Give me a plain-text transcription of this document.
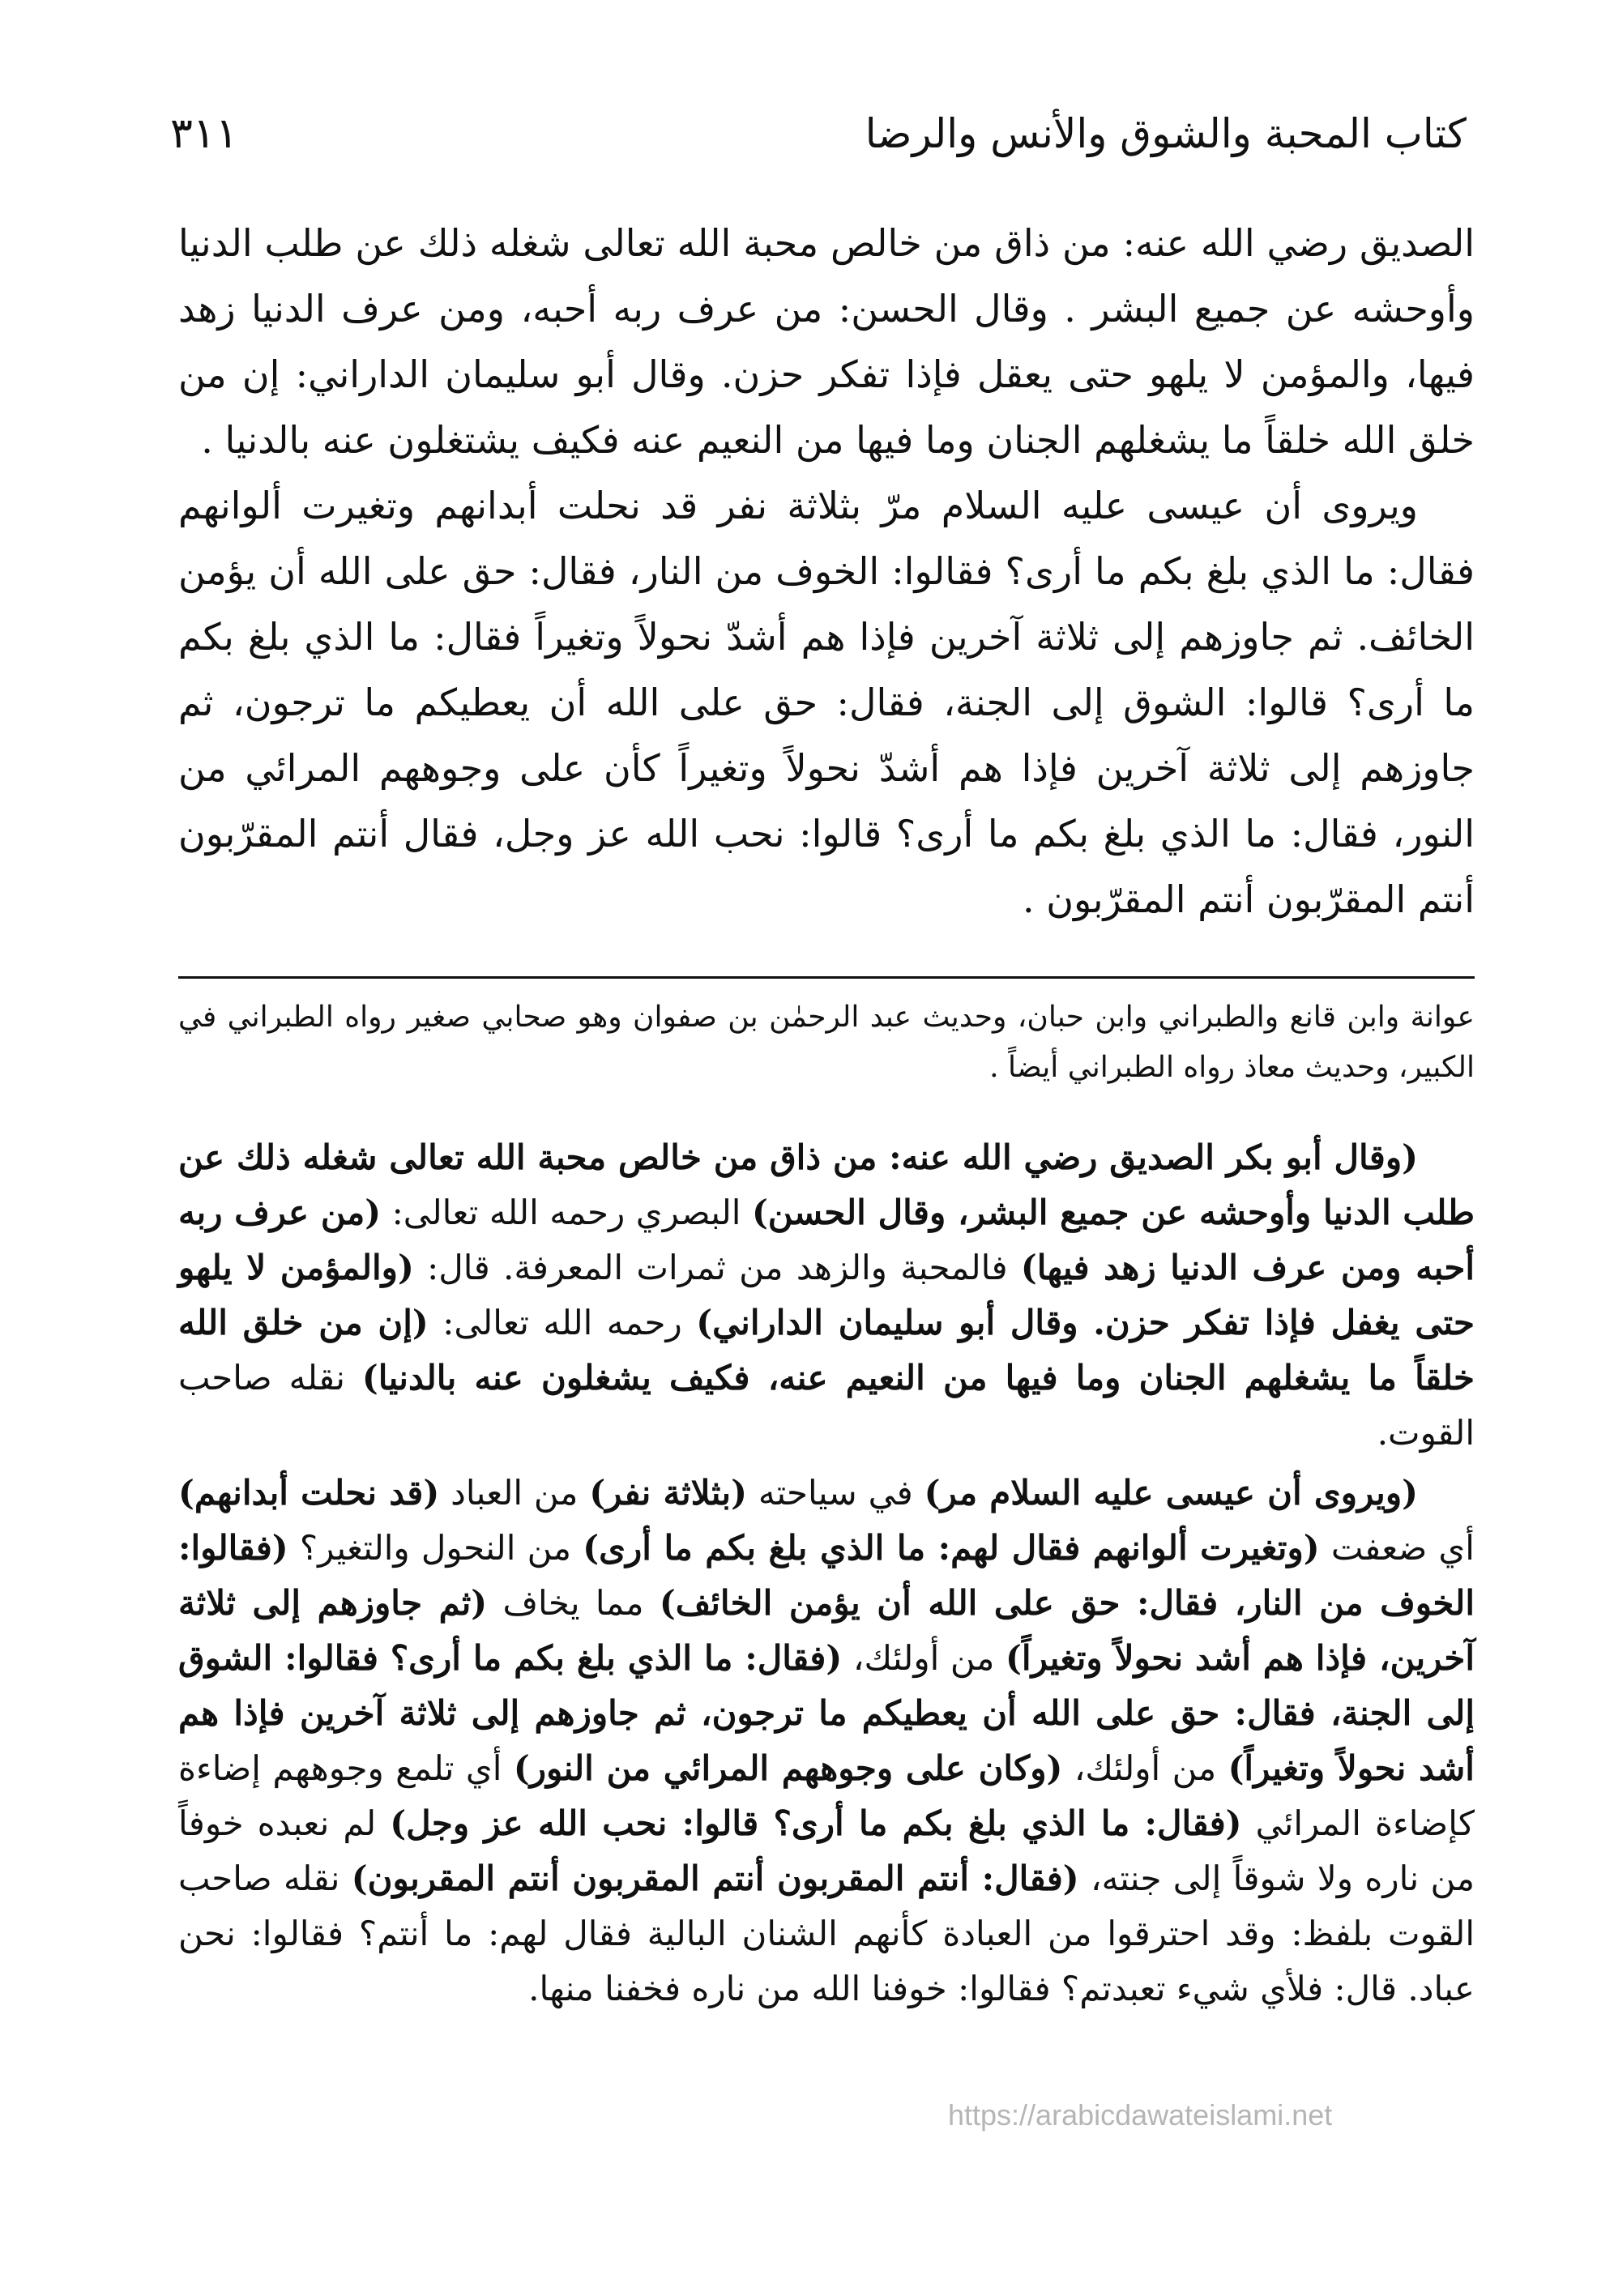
كتاب المحبة والشوق والأنس والرضا
٣١١

الصديق رضي الله عنه: من ذاق من خالص محبة الله تعالى شغله ذلك عن طلب الدنيا وأوحشه عن جميع البشر . وقال الحسن: من عرف ربه أحبه، ومن عرف الدنيا زهد فيها، والمؤمن لا يلهو حتى يعقل فإذا تفكر حزن. وقال أبو سليمان الداراني: إن من خلق الله خلقاً ما يشغلهم الجنان وما فيها من النعيم عنه فكيف يشتغلون عنه بالدنيا .

ويروى أن عيسى عليه السلام مرّ بثلاثة نفر قد نحلت أبدانهم وتغيرت ألوانهم فقال: ما الذي بلغ بكم ما أرى؟ فقالوا: الخوف من النار، فقال: حق على الله أن يؤمن الخائف. ثم جاوزهم إلى ثلاثة آخرين فإذا هم أشدّ نحولاً وتغيراً فقال: ما الذي بلغ بكم ما أرى؟ قالوا: الشوق إلى الجنة، فقال: حق على الله أن يعطيكم ما ترجون، ثم جاوزهم إلى ثلاثة آخرين فإذا هم أشدّ نحولاً وتغيراً كأن على وجوههم المرائي من النور، فقال: ما الذي بلغ بكم ما أرى؟ قالوا: نحب الله عز وجل، فقال أنتم المقرّبون أنتم المقرّبون أنتم المقرّبون .

عوانة وابن قانع والطبراني وابن حبان، وحديث عبد الرحمٰن بن صفوان وهو صحابي صغير رواه الطبراني في الكبير، وحديث معاذ رواه الطبراني أيضاً .

(وقال أبو بكر الصديق رضي الله عنه: من ذاق من خالص محبة الله تعالى شغله ذلك عن طلب الدنيا وأوحشه عن جميع البشر، وقال الحسن) البصري رحمه الله تعالى: (من عرف ربه أحبه ومن عرف الدنيا زهد فيها) فالمحبة والزهد من ثمرات المعرفة. قال: (والمؤمن لا يلهو حتى يغفل فإذا تفكر حزن. وقال أبو سليمان الداراني) رحمه الله تعالى: (إن من خلق الله خلقاً ما يشغلهم الجنان وما فيها من النعيم عنه، فكيف يشغلون عنه بالدنيا) نقله صاحب القوت.

(ويروى أن عيسى عليه السلام مر) في سياحته (بثلاثة نفر) من العباد (قد نحلت أبدانهم) أي ضعفت (وتغيرت ألوانهم فقال لهم: ما الذي بلغ بكم ما أرى) من النحول والتغير؟ (فقالوا: الخوف من النار، فقال: حق على الله أن يؤمن الخائف) مما يخاف (ثم جاوزهم إلى ثلاثة آخرين، فإذا هم أشد نحولاً وتغيراً) من أولئك، (فقال: ما الذي بلغ بكم ما أرى؟ فقالوا: الشوق إلى الجنة، فقال: حق على الله أن يعطيكم ما ترجون، ثم جاوزهم إلى ثلاثة آخرين فإذا هم أشد نحولاً وتغيراً) من أولئك، (وكان على وجوههم المرائي من النور) أي تلمع وجوههم إضاءة كإضاءة المرائي (فقال: ما الذي بلغ بكم ما أرى؟ قالوا: نحب الله عز وجل) لم نعبده خوفاً من ناره ولا شوقاً إلى جنته، (فقال: أنتم المقربون أنتم المقربون أنتم المقربون) نقله صاحب القوت بلفظ: وقد احترقوا من العبادة كأنهم الشنان البالية فقال لهم: ما أنتم؟ فقالوا: نحن عباد. قال: فلأي شيء تعبدتم؟ فقالوا: خوفنا الله من ناره فخفنا منها.

https://arabicdawateislami.net
